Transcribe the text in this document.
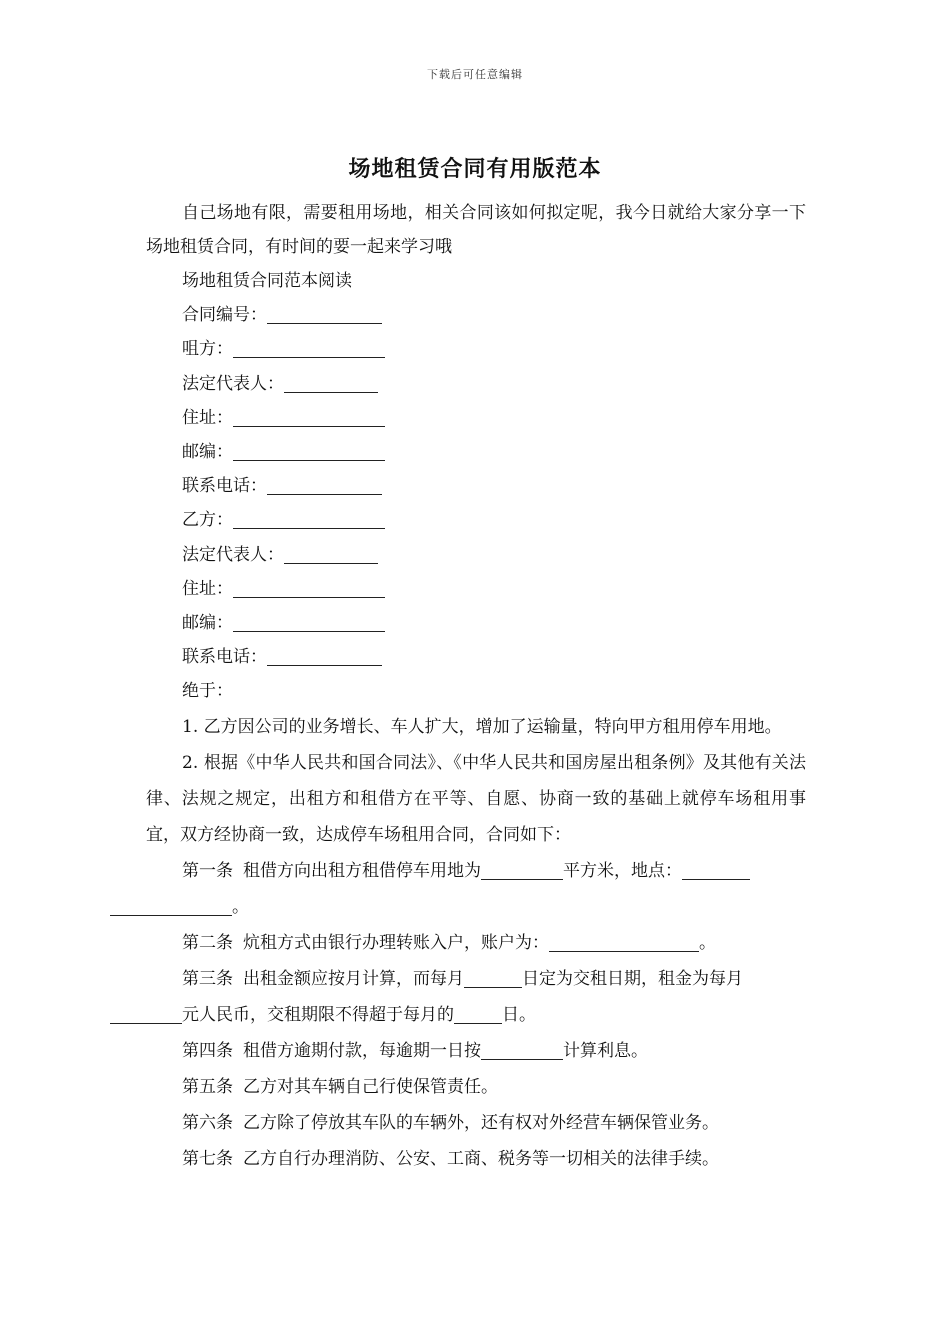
下载后可任意编辑
场地租赁合同有用版范本

自己场地有限，需要租用场地，相关合同该如何拟定呢，我今日就给大家分享一下场地租赁合同，有时间的要一起来学习哦

场地租赁合同范本阅读

合同编号：

咀方：

法定代表人：

住址：

邮编：

联系电话：

乙方：

法定代表人：

住址：

邮编：

联系电话：

绝于：

1. 乙方因公司的业务增长、车人扩大，增加了运输量，特向甲方租用停车用地。

2. 根据《中华人民共和国合同法》、《中华人民共和国房屋出租条例》及其他有关法律、法规之规定，出租方和租借方在平等、自愿、协商一致的基础上就停车场租用事宜，双方经协商一致，达成停车场租用合同，合同如下：

第一条 租借方向出租方租借停车用地为	平方米，地点：
。

第二条 炕租方式由银行办理转账入户，账户为：	。

第三条 出租金额应按月计算，而每月	日定为交租日期，租金为每月
元人民币，交租期限不得超于每月的	日。

第四条 租借方逾期付款，每逾期一日按	计算利息。

第五条 乙方对其车辆自己行使保管责任。

第六条 乙方除了停放其车队的车辆外，还有权对外经营车辆保管业务。

第七条 乙方自行办理消防、公安、工商、税务等一切相关的法律手续。
